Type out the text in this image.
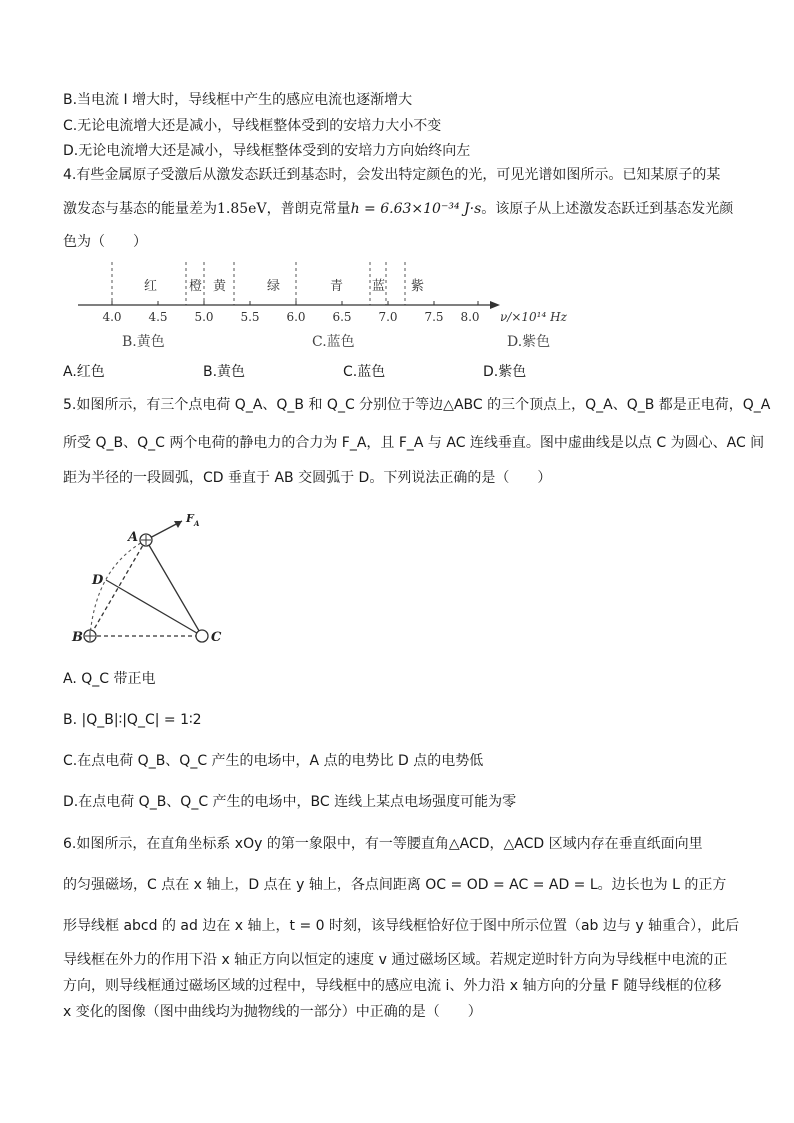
B.当电流 I 增大时，导线框中产生的感应电流也逐渐增大
C.无论电流增大还是减小，导线框整体受到的安培力大小不变
D.无论电流增大还是减小，导线框整体受到的安培力方向始终向左
4.有些金属原子受激后从激发态跃迁到基态时，会发出特定颜色的光，可见光谱如图所示。已知某原子的某
激发态与基态的能量差为1.85eV，普朗克常量h = 6.63×10⁻³⁴ J·s。该原子从上述激发态跃迁到基态发光颜
色为（　　）
红 橙 黄	绿	青 蓝 紫
4.0 4.5 5.0 5.5 6.0 6.5 7.0 7.5 8.0 ν/×10¹⁴ Hz
B.黄色	C.蓝色	D.紫色
A.红色	B.黄色	C.蓝色	D.紫色
5.如图所示，有三个点电荷 Q_A、Q_B 和 Q_C 分别位于等边△ABC 的三个顶点上，Q_A、Q_B 都是正电荷，Q_A
所受 Q_B、Q_C 两个电荷的静电力的合力为 F_A，且 F_A 与 AC 连线垂直。图中虚曲线是以点 C 为圆心、AC 间
距为半径的一段圆弧，CD 垂直于 AB 交圆弧于 D。下列说法正确的是（　　）
A
B	C
D
F A
A. Q_C 带正电
B. |Q_B|∶|Q_C| = 1∶2
C.在点电荷 Q_B、Q_C 产生的电场中，A 点的电势比 D 点的电势低
D.在点电荷 Q_B、Q_C 产生的电场中，BC 连线上某点电场强度可能为零
6.如图所示，在直角坐标系 xOy 的第一象限中，有一等腰直角△ACD，△ACD 区域内存在垂直纸面向里
的匀强磁场，C 点在 x 轴上，D 点在 y 轴上，各点间距离 OC = OD = AC = AD = L。边长也为 L 的正方
形导线框 abcd 的 ad 边在 x 轴上，t = 0 时刻，该导线框恰好位于图中所示位置（ab 边与 y 轴重合），此后
导线框在外力的作用下沿 x 轴正方向以恒定的速度 v 通过磁场区域。若规定逆时针方向为导线框中电流的正
方向，则导线框通过磁场区域的过程中，导线框中的感应电流 i、外力沿 x 轴方向的分量 F 随导线框的位移
x 变化的图像（图中曲线均为抛物线的一部分）中正确的是（　　）
